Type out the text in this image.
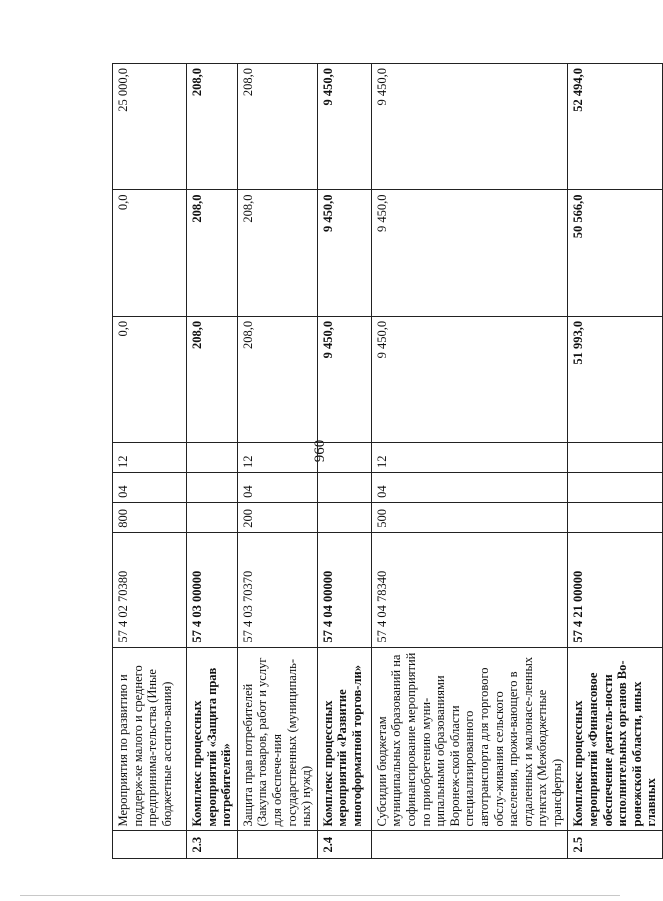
960
	Мероприятия по развитию и поддерж-ке малого и среднего предпринима-тельства (Иные бюджетные ассигно-вания)	57 4 02 70380	800	04	12	0,0	0,0	25 000,0
2.3	Комплекс процессных мероприятий «Защита прав потребителей»	57 4 03 00000				208,0	208,0	208,0
	Защита прав потребителей (Закупка товаров, работ и услуг для обеспече-ния государственных (муниципаль-ных) нужд)	57 4 03 70370	200	04	12	208,0	208,0	208,0
2.4	Комплекс процессных мероприятий «Развитие многоформатной торгов-ли»	57 4 04 00000				9 450,0	9 450,0	9 450,0
	Субсидии бюджетам муниципальных образований на софинансирование мероприятий по приобретению муни-ципальными образованиями Воронеж-ской области специализированного автотранспорта для торгового обслу-живания сельского населения, прожи-вающего в отдаленных и малонасе-ленных пунктах (Межбюджетные трансферты)	57 4 04 78340	500	04	12	9 450,0	9 450,0	9 450,0
2.5	Комплекс процессных мероприятий «Финансовое обеспечение деятель-ности исполнительных органов Во-ронежской области, иных главных	57 4 21 00000				51 993,0	50 566,0	52 494,0
